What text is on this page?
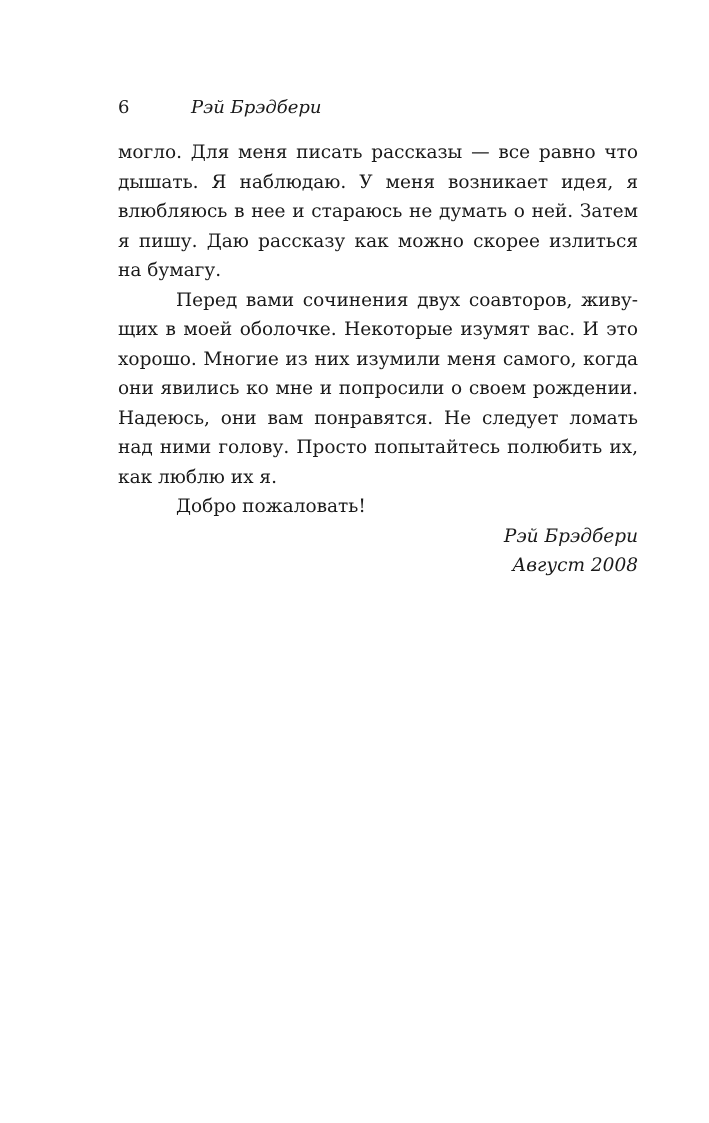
6	Рэй Брэдбери
могло. Для меня писать рассказы — все равно что
дышать. Я наблюдаю. У меня возникает идея, я
влюбляюсь в нее и стараюсь не думать о ней. Затем
я пишу. Даю рассказу как можно скорее излиться
на бумагу.
Перед вами сочинения двух соавторов, живу-
щих в моей оболочке. Некоторые изумят вас. И это
хорошо. Многие из них изумили меня самого, когда
они явились ко мне и попросили о своем рождении.
Надеюсь, они вам понравятся. Не следует ломать
над ними голову. Просто попытайтесь полюбить их,
как люблю их я.
Добро пожаловать!
Рэй Брэдбери
Август 2008
